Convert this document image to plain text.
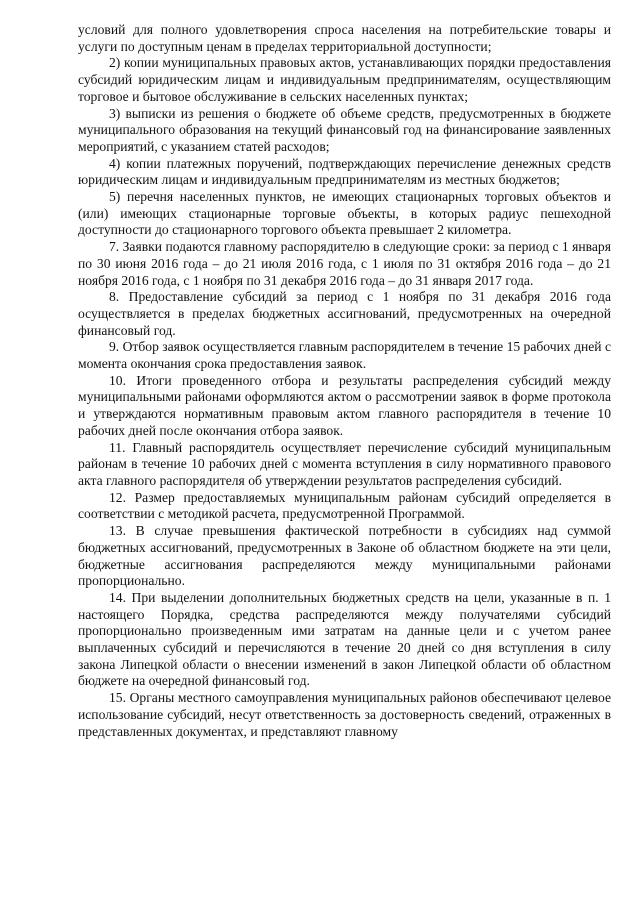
условий для полного удовлетворения спроса населения на потребительские товары и услуги по доступным ценам в пределах территориальной доступности;

2) копии муниципальных правовых актов, устанавливающих порядки предоставления субсидий юридическим лицам и индивидуальным предпринимателям, осуществляющим торговое и бытовое обслуживание в сельских населенных пунктах;

3) выписки из решения о бюджете об объеме средств, предусмотренных в бюджете муниципального образования на текущий финансовый год на финансирование заявленных мероприятий, с указанием статей расходов;

4) копии платежных поручений, подтверждающих перечисление денежных средств юридическим лицам и индивидуальным предпринимателям из местных бюджетов;

5) перечня населенных пунктов, не имеющих стационарных торговых объектов и (или) имеющих стационарные торговые объекты, в которых радиус пешеходной доступности до стационарного торгового объекта превышает 2 километра.

7. Заявки подаются главному распорядителю в следующие сроки: за период с 1 января по 30 июня 2016 года – до 21 июля 2016 года, с 1 июля по 31 октября 2016 года – до 21 ноября 2016 года, с 1 ноября по 31 декабря 2016 года – до 31 января 2017 года.

8. Предоставление субсидий за период с 1 ноября по 31 декабря 2016 года осуществляется в пределах бюджетных ассигнований, предусмотренных на очередной финансовый год.

9. Отбор заявок осуществляется главным распорядителем в течение 15 рабочих дней с момента окончания срока предоставления заявок.

10. Итоги проведенного отбора и результаты распределения субсидий между муниципальными районами оформляются актом о рассмотрении заявок в форме протокола и утверждаются нормативным правовым актом главного распорядителя в течение 10 рабочих дней после окончания отбора заявок.

11. Главный распорядитель осуществляет перечисление субсидий муниципальным районам в течение 10 рабочих дней с момента вступления в силу нормативного правового акта главного распорядителя об утверждении результатов распределения субсидий.

12. Размер предоставляемых муниципальным районам субсидий определяется в соответствии с методикой расчета, предусмотренной Программой.

13. В случае превышения фактической потребности в субсидиях над суммой бюджетных ассигнований, предусмотренных в Законе об областном бюджете на эти цели, бюджетные ассигнования распределяются между муниципальными районами пропорционально.

14. При выделении дополнительных бюджетных средств на цели, указанные в п. 1 настоящего Порядка, средства распределяются между получателями субсидий пропорционально произведенным ими затратам на данные цели и с учетом ранее выплаченных субсидий и перечисляются в течение 20 дней со дня вступления в силу закона Липецкой области о внесении изменений в закон Липецкой области об областном бюджете на очередной финансовый год.

15. Органы местного самоуправления муниципальных районов обеспечивают целевое использование субсидий, несут ответственность за достоверность сведений, отраженных в представленных документах, и представляют главному
